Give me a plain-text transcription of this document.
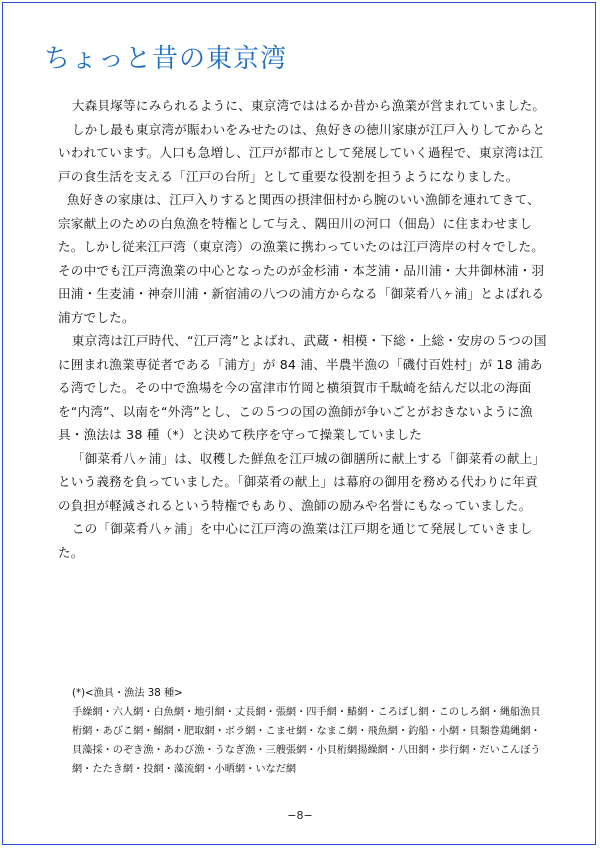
ちょっと昔の東京湾

大森貝塚等にみられるように、東京湾でははるか昔から漁業が営まれていました。

しかし最も東京湾が賑わいをみせたのは、魚好きの徳川家康が江戸入りしてからといわれています。人口も急増し、江戸が都市として発展していく過程で、東京湾は江戸の食生活を支える「江戸の台所」として重要な役割を担うようになりました。

魚好きの家康は、江戸入りすると関西の摂津佃村から腕のいい漁師を連れてきて、宗家献上のための白魚漁を特権として与え、隅田川の河口（佃島）に住まわせました。しかし従来江戸湾（東京湾）の漁業に携わっていたのは江戸湾岸の村々でした。その中でも江戸湾漁業の中心となったのが金杉浦・本芝浦・品川浦・大井御林浦・羽田浦・生麦浦・神奈川浦・新宿浦の八つの浦方からなる「御菜肴八ヶ浦」とよばれる浦方でした。

東京湾は江戸時代、“江戸湾”とよばれ、武蔵・相模・下総・上総・安房の５つの国に囲まれ漁業専従者である「浦方」が 84 浦、半農半漁の「磯付百姓村」が 18 浦ある湾でした。その中で漁場を今の富津市竹岡と横須賀市千駄崎を結んだ以北の海面を“内湾”、以南を“外湾”とし、この５つの国の漁師が争いごとがおきないように漁具・漁法は 38 種（*）と決めて秩序を守って操業していました

「御菜肴八ヶ浦」は、収穫した鮮魚を江戸城の御膳所に献上する「御菜肴の献上」という義務を負っていました。「御菜肴の献上」は幕府の御用を務める代わりに年貢の負担が軽減されるという特権でもあり、漁師の励みや名誉にもなっていました。

この「御菜肴八ヶ浦」を中心に江戸湾の漁業は江戸期を通じて発展していきました。

(*)<漁具・漁法 38 種>

手繰網・六人網・白魚網・地引網・丈長網・張網・四手網・鰆網・ころばし網・このしろ網・縄船漁貝桁網・あびこ網・鰯網・肥取網・ボラ網・こませ網・なまこ網・飛魚網・釣船・小網・貝類巻鶏縄網・貝藻採・のぞき漁・あわび漁・うなぎ漁・三艘張網・小貝桁網揚繰網・八田網・歩行網・だいこんぼう網・たたき網・投網・藻流網・小晒網・いなだ網

−8−
